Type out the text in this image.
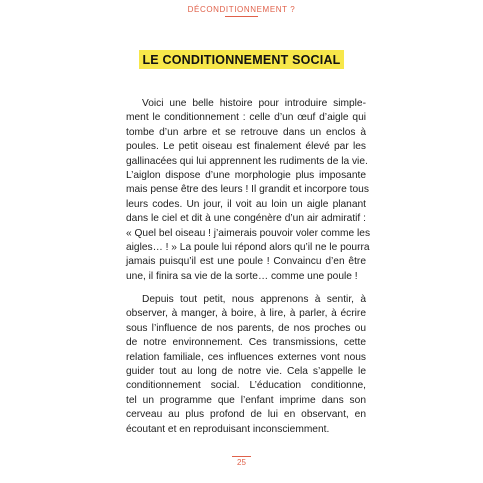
DÉCONDITIONNEMENT ?
LE CONDITIONNEMENT SOCIAL
Voici une belle histoire pour introduire simple-
ment le conditionnement : celle d’un œuf d’aigle qui
tombe d’un arbre et se retrouve dans un enclos à
poules. Le petit oiseau est finalement élevé par les
gallinacées qui lui apprennent les rudiments de la vie.
L’aiglon dispose d’une morphologie plus imposante
mais pense être des leurs ! Il grandit et incorpore tous
leurs codes. Un jour, il voit au loin un aigle planant
dans le ciel et dit à une congénère d’un air admiratif :
« Quel bel oiseau ! j’aimerais pouvoir voler comme les
aigles… ! » La poule lui répond alors qu’il ne le pourra
jamais puisqu’il est une poule ! Convaincu d’en être
une, il finira sa vie de la sorte… comme une poule !
Depuis tout petit, nous apprenons à sentir, à
observer, à manger, à boire, à lire, à parler, à écrire
sous l’influence de nos parents, de nos proches ou
de notre environnement. Ces transmissions, cette
relation familiale, ces influences externes vont nous
guider tout au long de notre vie. Cela s’appelle le
conditionnement social. L’éducation conditionne,
tel un programme que l’enfant imprime dans son
cerveau au plus profond de lui en observant, en
écoutant et en reproduisant inconsciemment.
25
